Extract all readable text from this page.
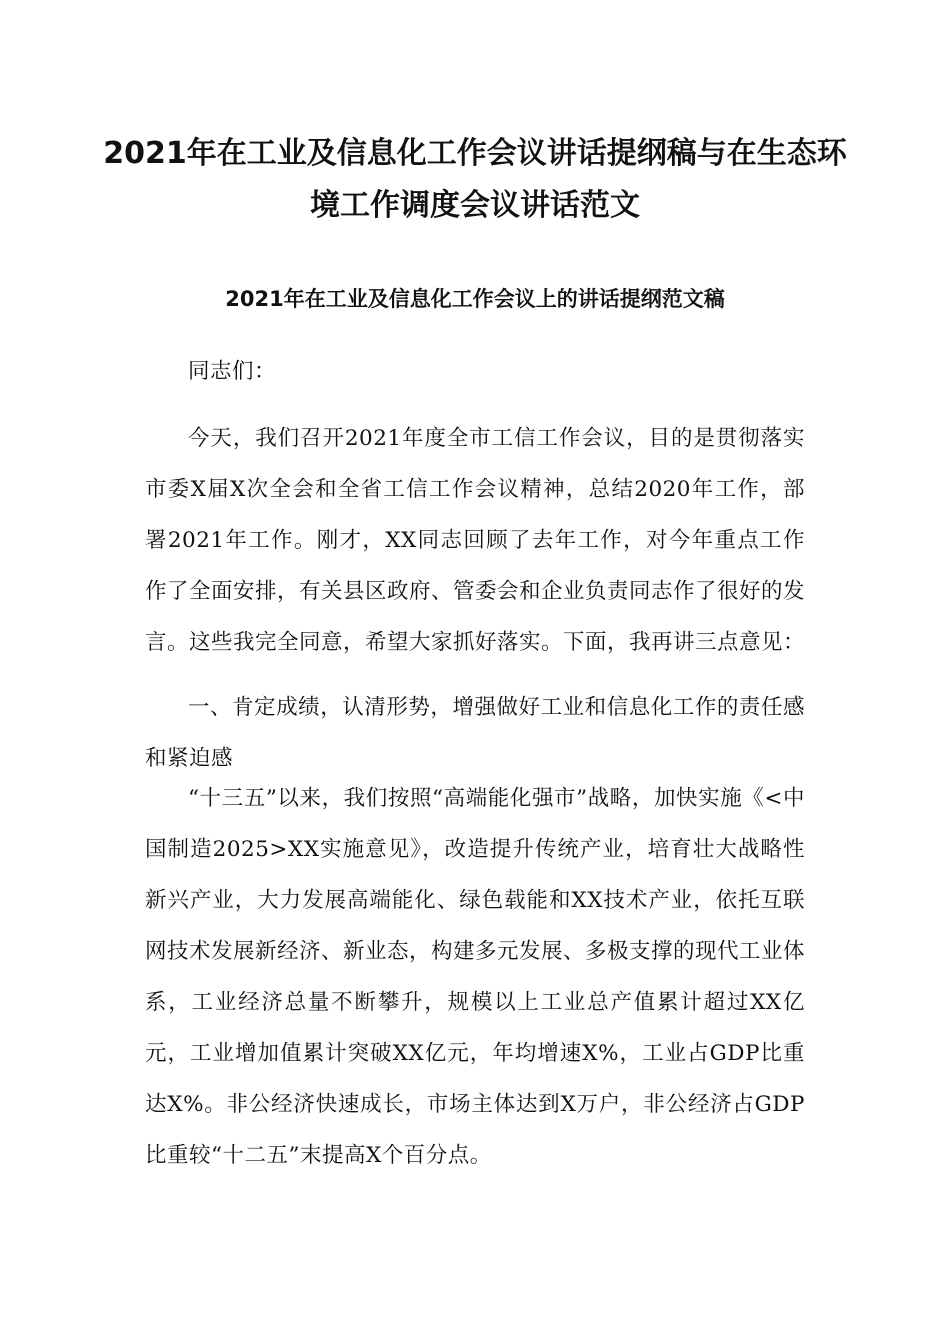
2021年在工业及信息化工作会议讲话提纲稿与在生态环境工作调度会议讲话范文
2021年在工业及信息化工作会议上的讲话提纲范文稿

同志们：

今天，我们召开2021年度全市工信工作会议，目的是贯彻落实市委X届X次全会和全省工信工作会议精神，总结2020年工作，部署2021年工作。刚才，XX同志回顾了去年工作，对今年重点工作作了全面安排，有关县区政府、管委会和企业负责同志作了很好的发言。这些我完全同意，希望大家抓好落实。下面，我再讲三点意见：

一、肯定成绩，认清形势，增强做好工业和信息化工作的责任感和紧迫感

“十三五”以来，我们按照“高端能化强市”战略，加快实施《<中国制造2025>XX实施意见》，改造提升传统产业，培育壮大战略性新兴产业，大力发展高端能化、绿色载能和XX技术产业，依托互联网技术发展新经济、新业态，构建多元发展、多极支撑的现代工业体系，工业经济总量不断攀升，规模以上工业总产值累计超过XX亿元，工业增加值累计突破XX亿元，年均增速X%，工业占GDP比重达X%。非公经济快速成长，市场主体达到X万户，非公经济占GDP比重较“十二五”末提高X个百分点。
